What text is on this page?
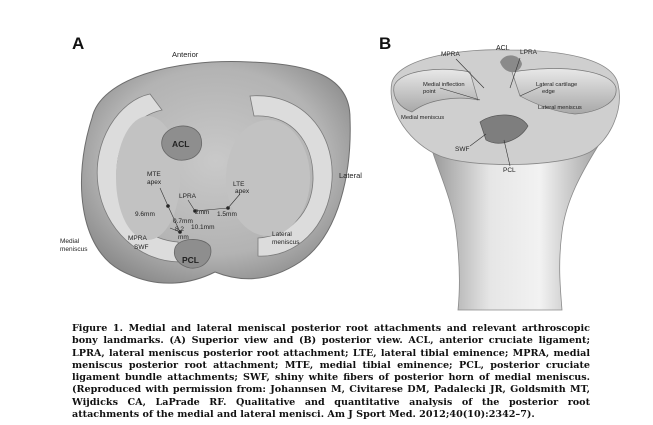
A	B
Anterior
ACL
Lateral
MTE
apex
LPRA
LTE
apex
9.6mm
0.7mm
8.2
mm
2mm 1.5mm
10.1mm
MPRA
SWF
PCL
Medial
meniscus
Lateral
meniscus
MPRA
ACL
LPRA
Medial inflection
point
Lateral cartilage
edge
Lateral meniscus
Medial meniscus
SWF
PCL

Figure 1. Medial and lateral meniscal posterior root attachments and relevant arthroscopic bony landmarks. (A) Superior view and (B) posterior view. ACL, anterior cruciate ligament; LPRA, lateral meniscus posterior root attachment; LTE, lateral tibial eminence; MPRA, medial meniscus posterior root attachment; MTE, medial tibial eminence; PCL, posterior cruciate ligament bundle attachments; SWF, shiny white fibers of posterior horn of medial meniscus. (Reproduced with permission from: Johannsen M, Civitarese DM, Padalecki JR, Goldsmith MT, Wijdicks CA, LaPrade RF. Qualitative and quantitative analysis of the posterior root attachments of the medial and lateral menisci. Am J Sport Med. 2012;40(10):2342–7).
